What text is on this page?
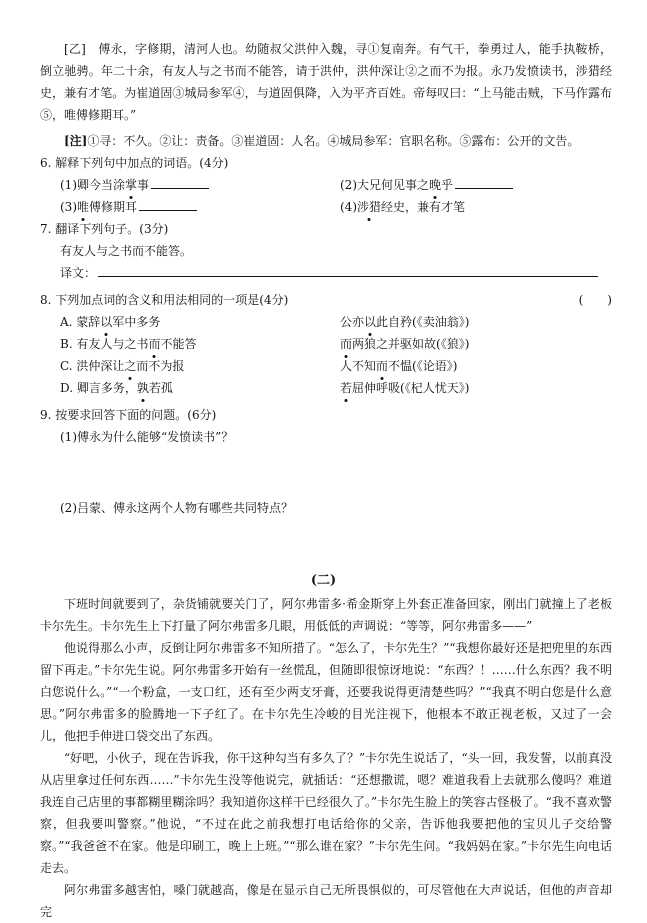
[乙]　 傅永，字修期，清河人也。幼随叔父洪仲入魏，寻①复南奔。有气干，拳勇过人，能手执鞍桥，倒立驰骋。年二十余，有友人与之书而不能答，请于洪仲，洪仲深让②之而不为报。永乃发愤读书，涉猎经史，兼有才笔。为崔道固③城局参军④，与道固俱降，入为平齐百姓。帝每叹曰：“上马能击贼，下马作露布⑤，唯傅修期耳。”

[注]①寻：不久。②让：责备。③崔道固：人名。④城局参军：官职名称。⑤露布：公开的文告。

6. 解释下列句中加点的词语。(4分)
(1)卿今当涂掌事	(2)大兄何见事之晚乎
(3)唯傅修期耳	(4)涉猎经史，兼有才笔
7. 翻译下列句子。(3分)
有友人与之书而不能答。
译文：
8. 下列加点词的含义和用法相同的一项是(4分)	(　　)
A. 蒙辞以军中多务	公亦以此自矜(《卖油翁》)
B. 有友人与之书而不能答	而两狼之并驱如故(《狼》)
C. 洪仲深让之而不为报	人不知而不愠(《论语》)
D. 卿言多务，孰若孤	若屈伸呼吸(《杞人忧天》)
9. 按要求回答下面的问题。(6分)
(1)傅永为什么能够“发愤读书”？
(2)吕蒙、傅永这两个人物有哪些共同特点？
(二)

下班时间就要到了，杂货铺就要关门了，阿尔弗雷多·希金斯穿上外套正准备回家，刚出门就撞上了老板卡尔先生。卡尔先生上下打量了阿尔弗雷多几眼，用低低的声调说：“等等，阿尔弗雷多——”

他说得那么小声，反倒让阿尔弗雷多不知所措了。“怎么了，卡尔先生？”“我想你最好还是把兜里的东西留下再走。”卡尔先生说。阿尔弗雷多开始有一丝慌乱，但随即很惊讶地说：“东西？！……什么东西？我不明白您说什么。”“一个粉盒，一支口红，还有至少两支牙膏，还要我说得更清楚些吗？”“我真不明白您是什么意思。”阿尔弗雷多的脸腾地一下子红了。在卡尔先生冷峻的目光注视下，他根本不敢正视老板，又过了一会儿，他把手伸进口袋交出了东西。

“好吧，小伙子，现在告诉我，你干这种勾当有多久了？”卡尔先生说话了，“头一回，我发誓，以前真没从店里拿过任何东西……”卡尔先生没等他说完，就插话：“还想撒谎，嗯？难道我看上去就那么傻吗？难道我连自己店里的事都糊里糊涂吗？我知道你这样干已经很久了。”卡尔先生脸上的笑容古怪极了。“我不喜欢警察，但我要叫警察。”他说，“不过在此之前我想打电话给你的父亲，告诉他我要把他的宝贝儿子交给警察。”“我爸爸不在家。他是印刷工，晚上上班。”“那么谁在家？”卡尔先生问。“我妈妈在家。”卡尔先生向电话走去。

阿尔弗雷多越害怕，嗓门就越高，像是在显示自己无所畏惧似的，可尽管他在大声说话，但他的声音却完
